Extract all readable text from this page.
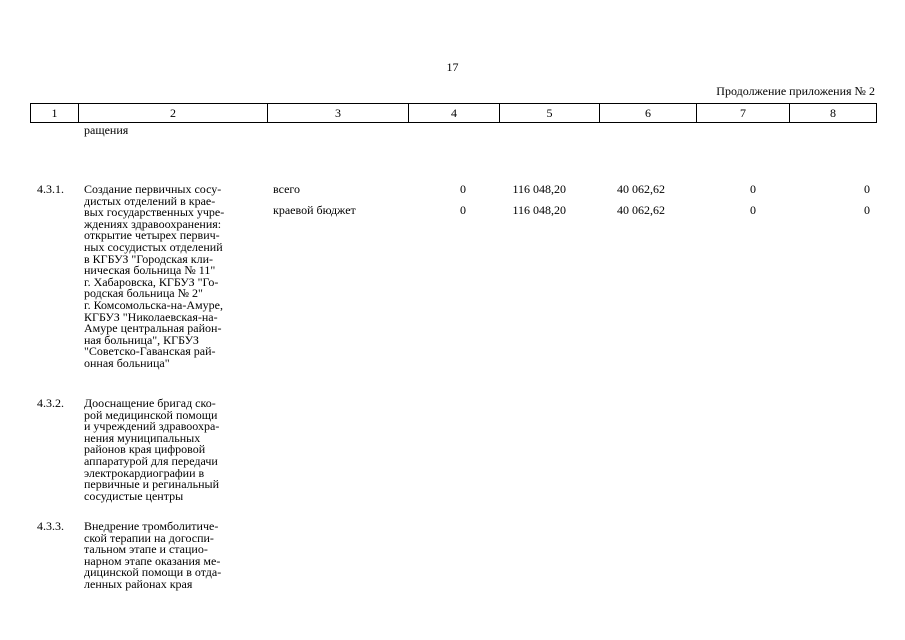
17
Продолжение приложения № 2
1	2	3	4	5	6	7	8
ращения
4.3.1. Создание первичных сосу-
дистых отделений в крае-
вых государственных учре-
ждениях здравоохранения:
открытие четырех первич-
ных сосудистых отделений
в КГБУЗ "Городская кли-
ническая больница № 11"
г. Хабаровска, КГБУЗ "Го-
родская больница № 2"
г. Комсомольска-на-Амуре,
КГБУЗ "Николаевская-на-
Амуре центральная район-
ная больница", КГБУЗ
"Советско-Гаванская рай-
онная больница"
всего	0	116 048,20	40 062,62	0	0
краевой бюджет	0	116 048,20	40 062,62	0	0
4.3.2. Дооснащение бригад ско-
рой медицинской помощи
и учреждений здравоохра-
нения муниципальных
районов края цифровой
аппаратурой для передачи
электрокардиографии в
первичные и регинальный
сосудистые центры
4.3.3. Внедрение тромболитиче-
ской терапии на догоспи-
тальном этапе и стацио-
нарном этапе оказания ме-
дицинской помощи в отда-
ленных районах края
